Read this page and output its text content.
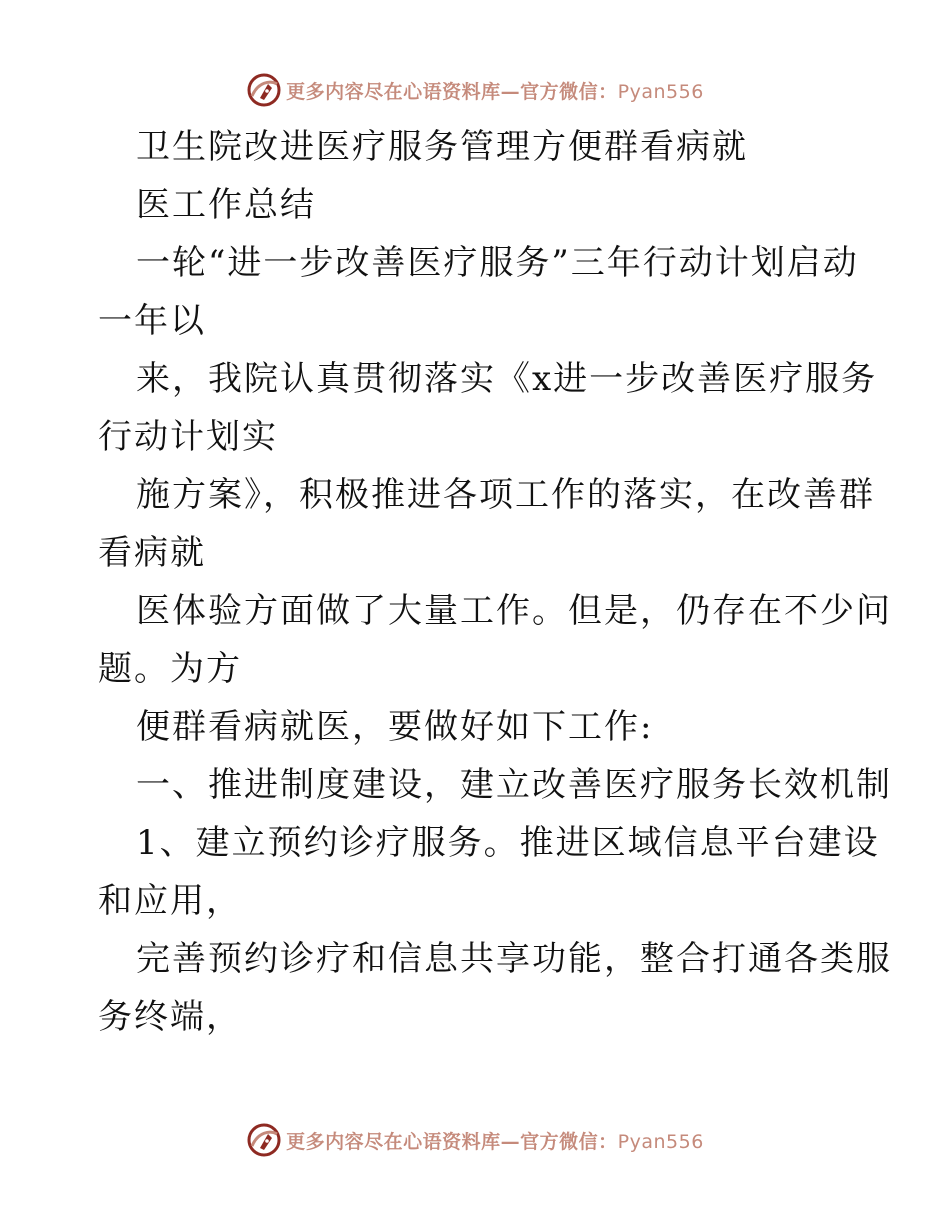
更多内容尽在心语资料库—官方微信：Pyan556
卫生院改进医疗服务管理方便群看病就
医工作总结
一轮“进一步改善医疗服务”三年行动计划启动
一年以
来，我院认真贯彻落实《x进一步改善医疗服务
行动计划实
施方案》，积极推进各项工作的落实，在改善群
看病就
医体验方面做了大量工作。但是，仍存在不少问
题。为方
便群看病就医，要做好如下工作:
一、推进制度建设，建立改善医疗服务长效机制
1、建立预约诊疗服务。推进区域信息平台建设
和应用，
完善预约诊疗和信息共享功能，整合打通各类服
务终端，
更多内容尽在心语资料库—官方微信：Pyan556
